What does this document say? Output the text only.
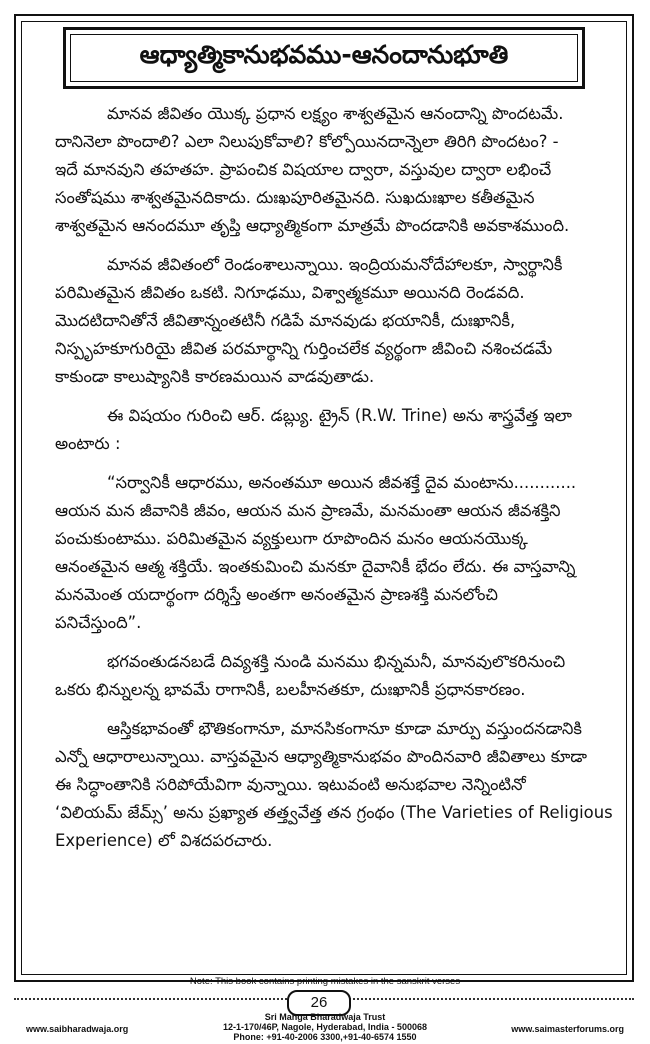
ఆధ్యాత్మికానుభవము-ఆనందానుభూతి
మానవ జీవితం యొక్క ప్రధాన లక్ష్యం శాశ్వతమైన ఆనందాన్ని పొందటమే.
దానినెలా పొందాలి? ఎలా నిలుపుకోవాలి? కోల్పోయినదాన్నెలా తిరిగి పొందటం? -
ఇదే మానవుని తహతహ. ప్రాపంచిక విషయాల ద్వారా, వస్తువుల ద్వారా లభించే
సంతోషము శాశ్వతమైనదికాదు. దుఃఖపూరితమైనది. సుఖదుఃఖాల కతీతమైన
శాశ్వతమైన ఆనందమూ తృప్తి ఆధ్యాత్మికంగా మాత్రమే పొందడానికి అవకాశముంది.
మానవ జీవితంలో రెండంశాలున్నాయి. ఇంద్రియమనోదేహాలకూ, స్వార్థానికీ
పరిమితమైన జీవితం ఒకటి. నిగూఢము, విశ్వాత్మకమూ అయినది రెండవది.
మొదటిదానితోనే జీవితాన్నంతటినీ గడిపే మానవుడు భయానికీ, దుఃఖానికీ,
నిస్పృహకూగురియై జీవిత పరమార్థాన్ని గుర్తించలేక వ్యర్థంగా జీవించి నశించడమే
కాకుండా కాలుష్యానికి కారణమయిన వాడవుతాడు.
ఈ విషయం గురించి ఆర్. డబ్ల్యు. ట్రైన్ (R.W. Trine) అను శాస్త్రవేత్త ఇలా
అంటారు :
“సర్వానికీ ఆధారము, అనంతమూ అయిన జీవశక్తే దైవ మంటాను............
ఆయన మన జీవానికి జీవం, ఆయన మన ప్రాణమే, మనమంతా ఆయన జీవశక్తిని
పంచుకుంటాము. పరిమితమైన వ్యక్తులుగా రూపొందిన మనం ఆయనయొక్క
ఆనంతమైన ఆత్మ శక్తియే. ఇంతకుమించి మనకూ దైవానికీ భేదం లేదు. ఈ వాస్తవాన్ని
మనమెంత యదార్థంగా దర్శిస్తే అంతగా అనంతమైన ప్రాణశక్తి మనలోంచి
పనిచేస్తుంది”.
భగవంతుడనబడే దివ్యశక్తి నుండి మనము భిన్నమనీ, మానవులొకరినుంచి
ఒకరు భిన్నులన్న భావమే రాగానికీ, బలహీనతకూ, దుఃఖానికీ ప్రధానకారణం.
ఆస్తికభావంతో భౌతికంగానూ, మానసికంగానూ కూడా మార్పు వస్తుందనడానికి
ఎన్నో ఆధారాలున్నాయి. వాస్తవమైన ఆధ్యాత్మికానుభవం పొందినవారి జీవితాలు కూడా
ఈ సిద్ధాంతానికి సరిపోయేవిగా వున్నాయి. ఇటువంటి అనుభవాల నెన్నింటినో
‘విలియమ్ జేమ్స్’ అను ప్రఖ్యాత తత్త్వవేత్త తన గ్రంథం (The Varieties of Religious
Experience) లో విశదపరచారు.
Note: This book contains printing mistakes in the sanskrit verses
26
Sri Manga Bharadwaja Trust
12-1-170/46P, Nagole, Hyderabad, India - 500068
Phone: +91-40-2006 3300,+91-40-6574 1550
www.saibharadwaja.org	www.saimasterforums.org
